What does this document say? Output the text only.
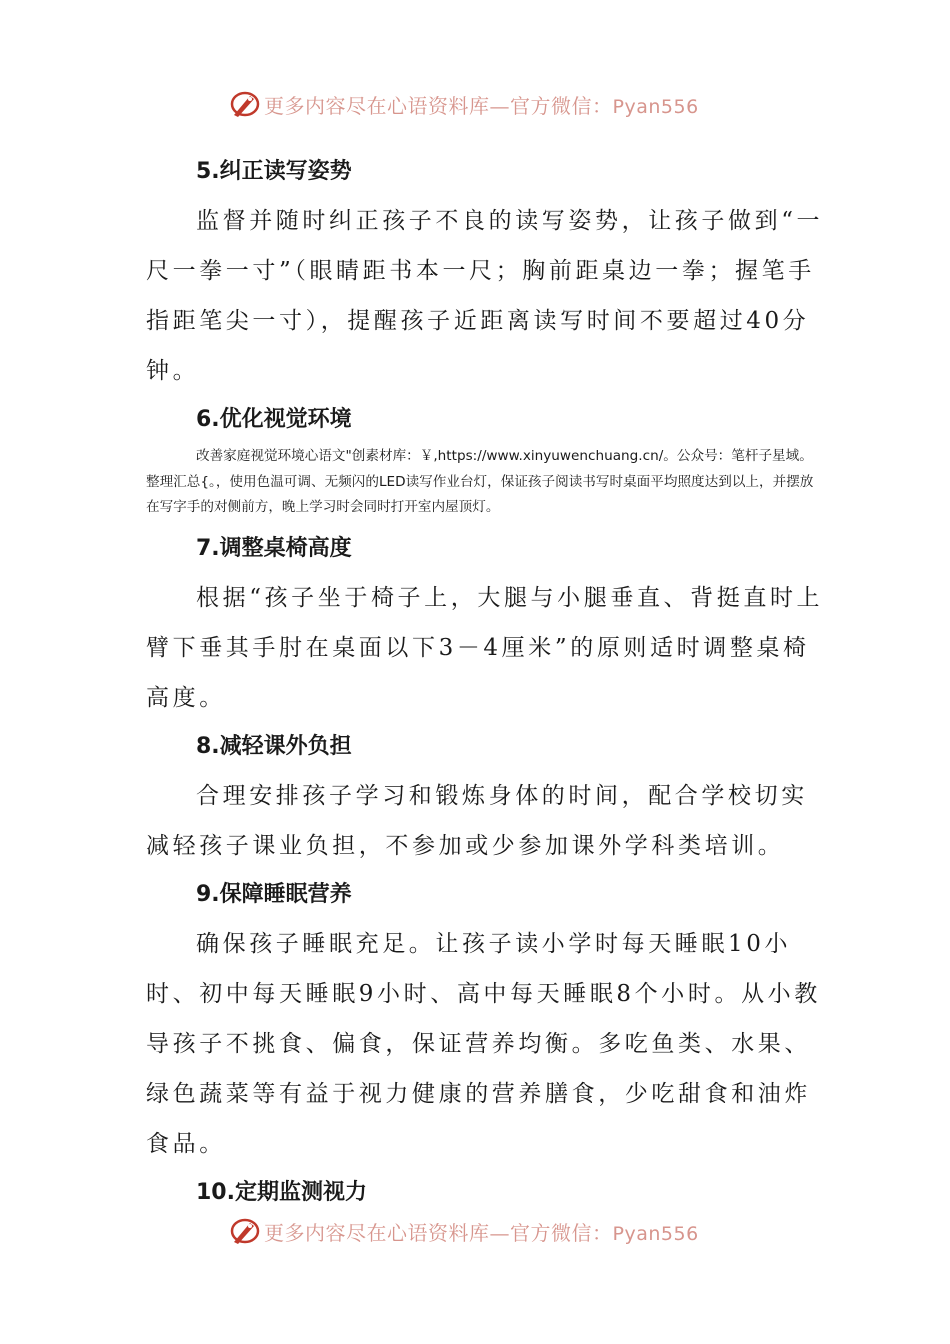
更多内容尽在心语资料库—官方微信：Pyan556
5.纠正读写姿势

监督并随时纠正孩子不良的读写姿势，让孩子做到“一尺一拳一寸”（眼睛距书本一尺；胸前距桌边一拳；握笔手指距笔尖一寸），提醒孩子近距离读写时间不要超过40分钟。

6.优化视觉环境

改善家庭视觉环境心语文"创素材库：￥,https://www.xinyuwenchuang.cn/。公众号：笔杆子星域。整理汇总{。，使用色温可调、无频闪的LED读写作业台灯，保证孩子阅读书写时桌面平均照度达到以上，并摆放在写字手的对侧前方，晚上学习时会同时打开室内屋顶灯。

7.调整桌椅高度

根据“孩子坐于椅子上，大腿与小腿垂直、背挺直时上臂下垂其手肘在桌面以下3－4厘米”的原则适时调整桌椅高度。

8.减轻课外负担

合理安排孩子学习和锻炼身体的时间，配合学校切实减轻孩子课业负担，不参加或少参加课外学科类培训。

9.保障睡眠营养

确保孩子睡眠充足。让孩子读小学时每天睡眠10小时、初中每天睡眠9小时、高中每天睡眠8个小时。从小教导孩子不挑食、偏食，保证营养均衡。多吃鱼类、水果、绿色蔬菜等有益于视力健康的营养膳食，少吃甜食和油炸食品。

10.定期监测视力
更多内容尽在心语资料库—官方微信：Pyan556
